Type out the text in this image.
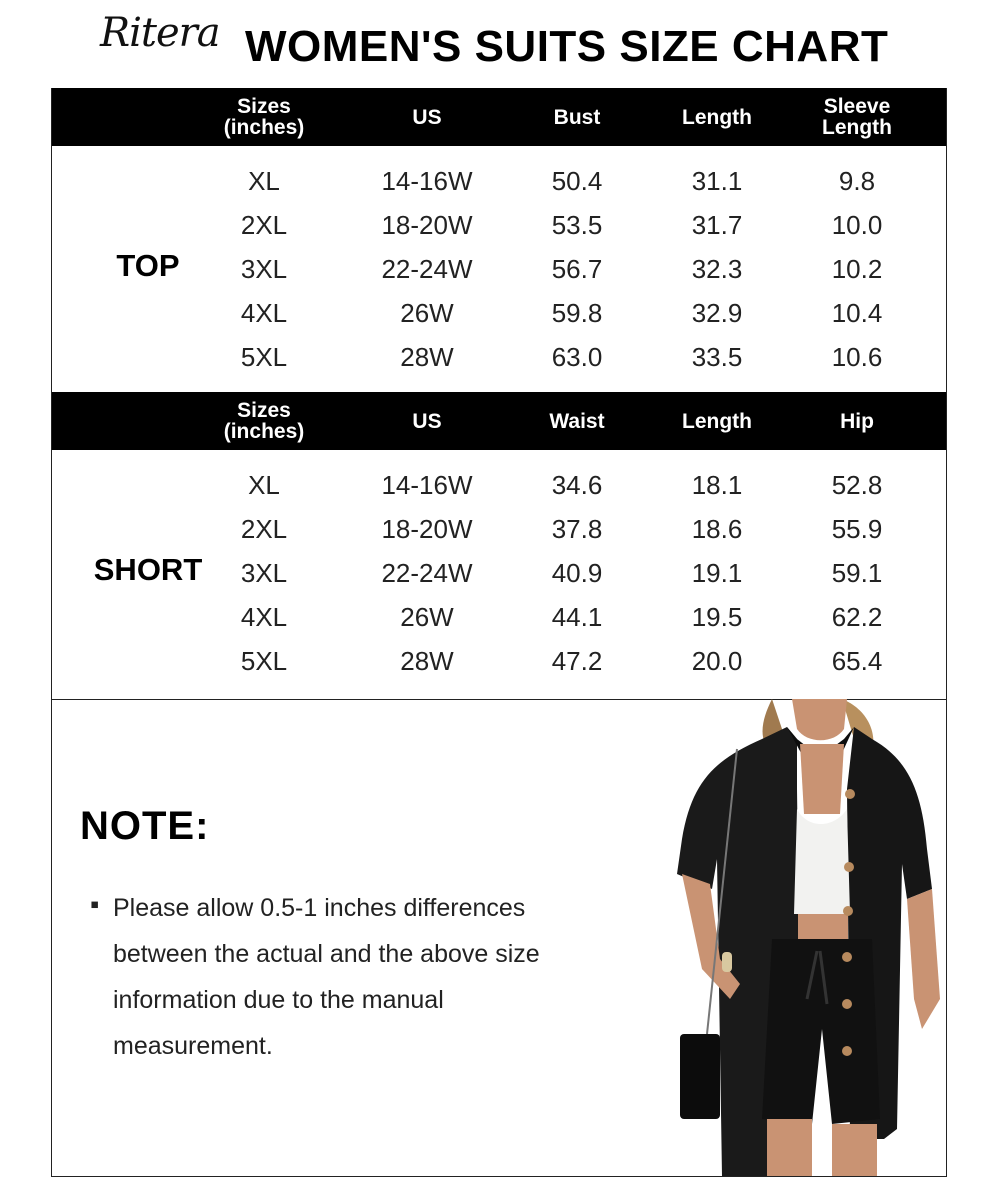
Ritera WOMEN'S SUITS SIZE CHART
Sizes
(inches)	US	Bust	Length	Sleeve
Length
TOP
XL	14-16W	50.4	31.1	9.8
2XL	18-20W	53.5	31.7	10.0
3XL	22-24W	56.7	32.3	10.2
4XL	26W	59.8	32.9	10.4
5XL	28W	63.0	33.5	10.6
Sizes
(inches)	US	Waist	Length	Hip
SHORT
XL	14-16W	34.6	18.1	52.8
2XL	18-20W	37.8	18.6	55.9
3XL	22-24W	40.9	19.1	59.1
4XL	26W	44.1	19.5	62.2
5XL	28W	47.2	20.0	65.4
NOTE:
▪ Please allow 0.5-1 inches differences between the actual and the above size information due to the manual measurement.
